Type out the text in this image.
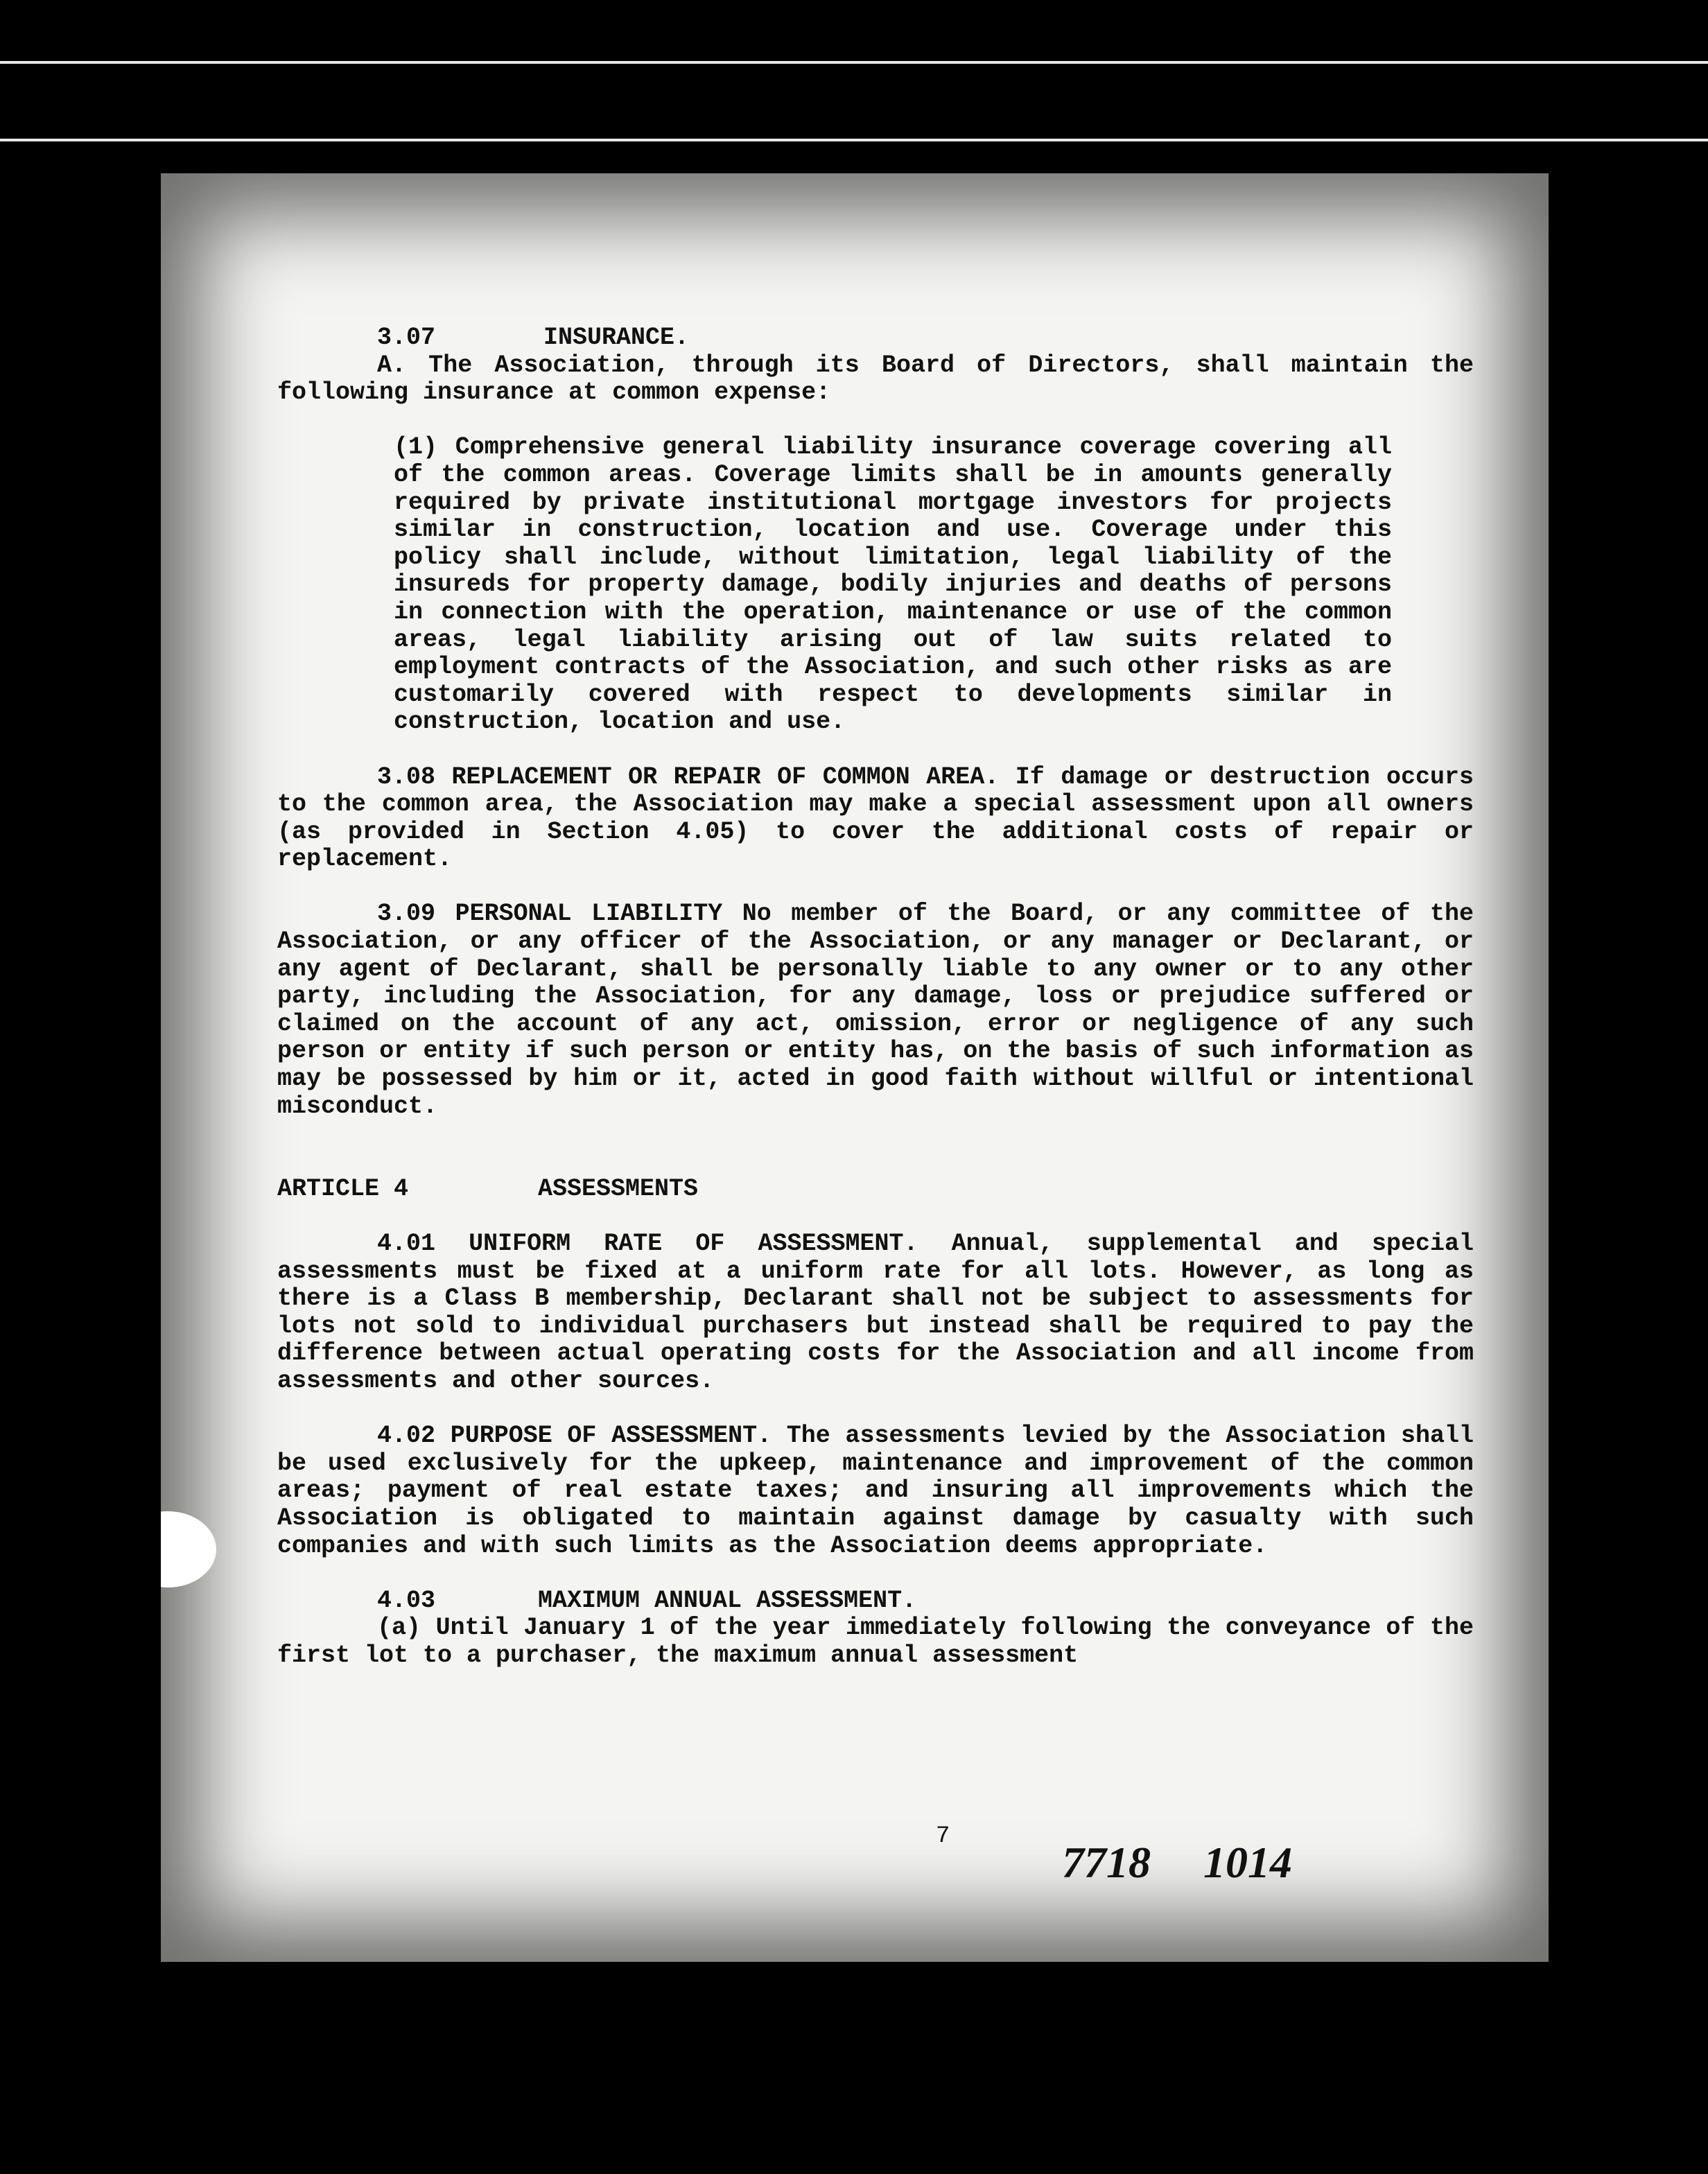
3.07	INSURANCE.

A. The Association, through its Board of Directors, shall maintain the following insurance at common expense:

(1) Comprehensive general liability insurance coverage covering all of the common areas. Coverage limits shall be in amounts generally required by private institutional mortgage investors for projects similar in construction, location and use. Coverage under this policy shall include, without limitation, legal liability of the insureds for property damage, bodily injuries and deaths of persons in connection with the operation, maintenance or use of the common areas, legal liability arising out of law suits related to employment contracts of the Association, and such other risks as are customarily covered with respect to developments similar in construction, location and use.

3.08 REPLACEMENT OR REPAIR OF COMMON AREA. If damage or destruction occurs to the common area, the Association may make a special assessment upon all owners (as provided in Section 4.05) to cover the additional costs of repair or replacement.

3.09 PERSONAL LIABILITY No member of the Board, or any committee of the Association, or any officer of the Association, or any manager or Declarant, or any agent of Declarant, shall be personally liable to any owner or to any other party, including the Association, for any damage, loss or prejudice suffered or claimed on the account of any act, omission, error or negligence of any such person or entity if such person or entity has, on the basis of such information as may be possessed by him or it, acted in good faith without willful or intentional misconduct.

ARTICLE 4	ASSESSMENTS

4.01 UNIFORM RATE OF ASSESSMENT. Annual, supplemental and special assessments must be fixed at a uniform rate for all lots. However, as long as there is a Class B membership, Declarant shall not be subject to assessments for lots not sold to individual purchasers but instead shall be required to pay the difference between actual operating costs for the Association and all income from assessments and other sources.

4.02 PURPOSE OF ASSESSMENT. The assessments levied by the Association shall be used exclusively for the upkeep, maintenance and improvement of the common areas; payment of real estate taxes; and insuring all improvements which the Association is obligated to maintain against damage by casualty with such companies and with such limits as the Association deems appropriate.

4.03	MAXIMUM ANNUAL ASSESSMENT.

(a) Until January 1 of the year immediately following the conveyance of the first lot to a purchaser, the maximum annual assessment

7
7718 1014
